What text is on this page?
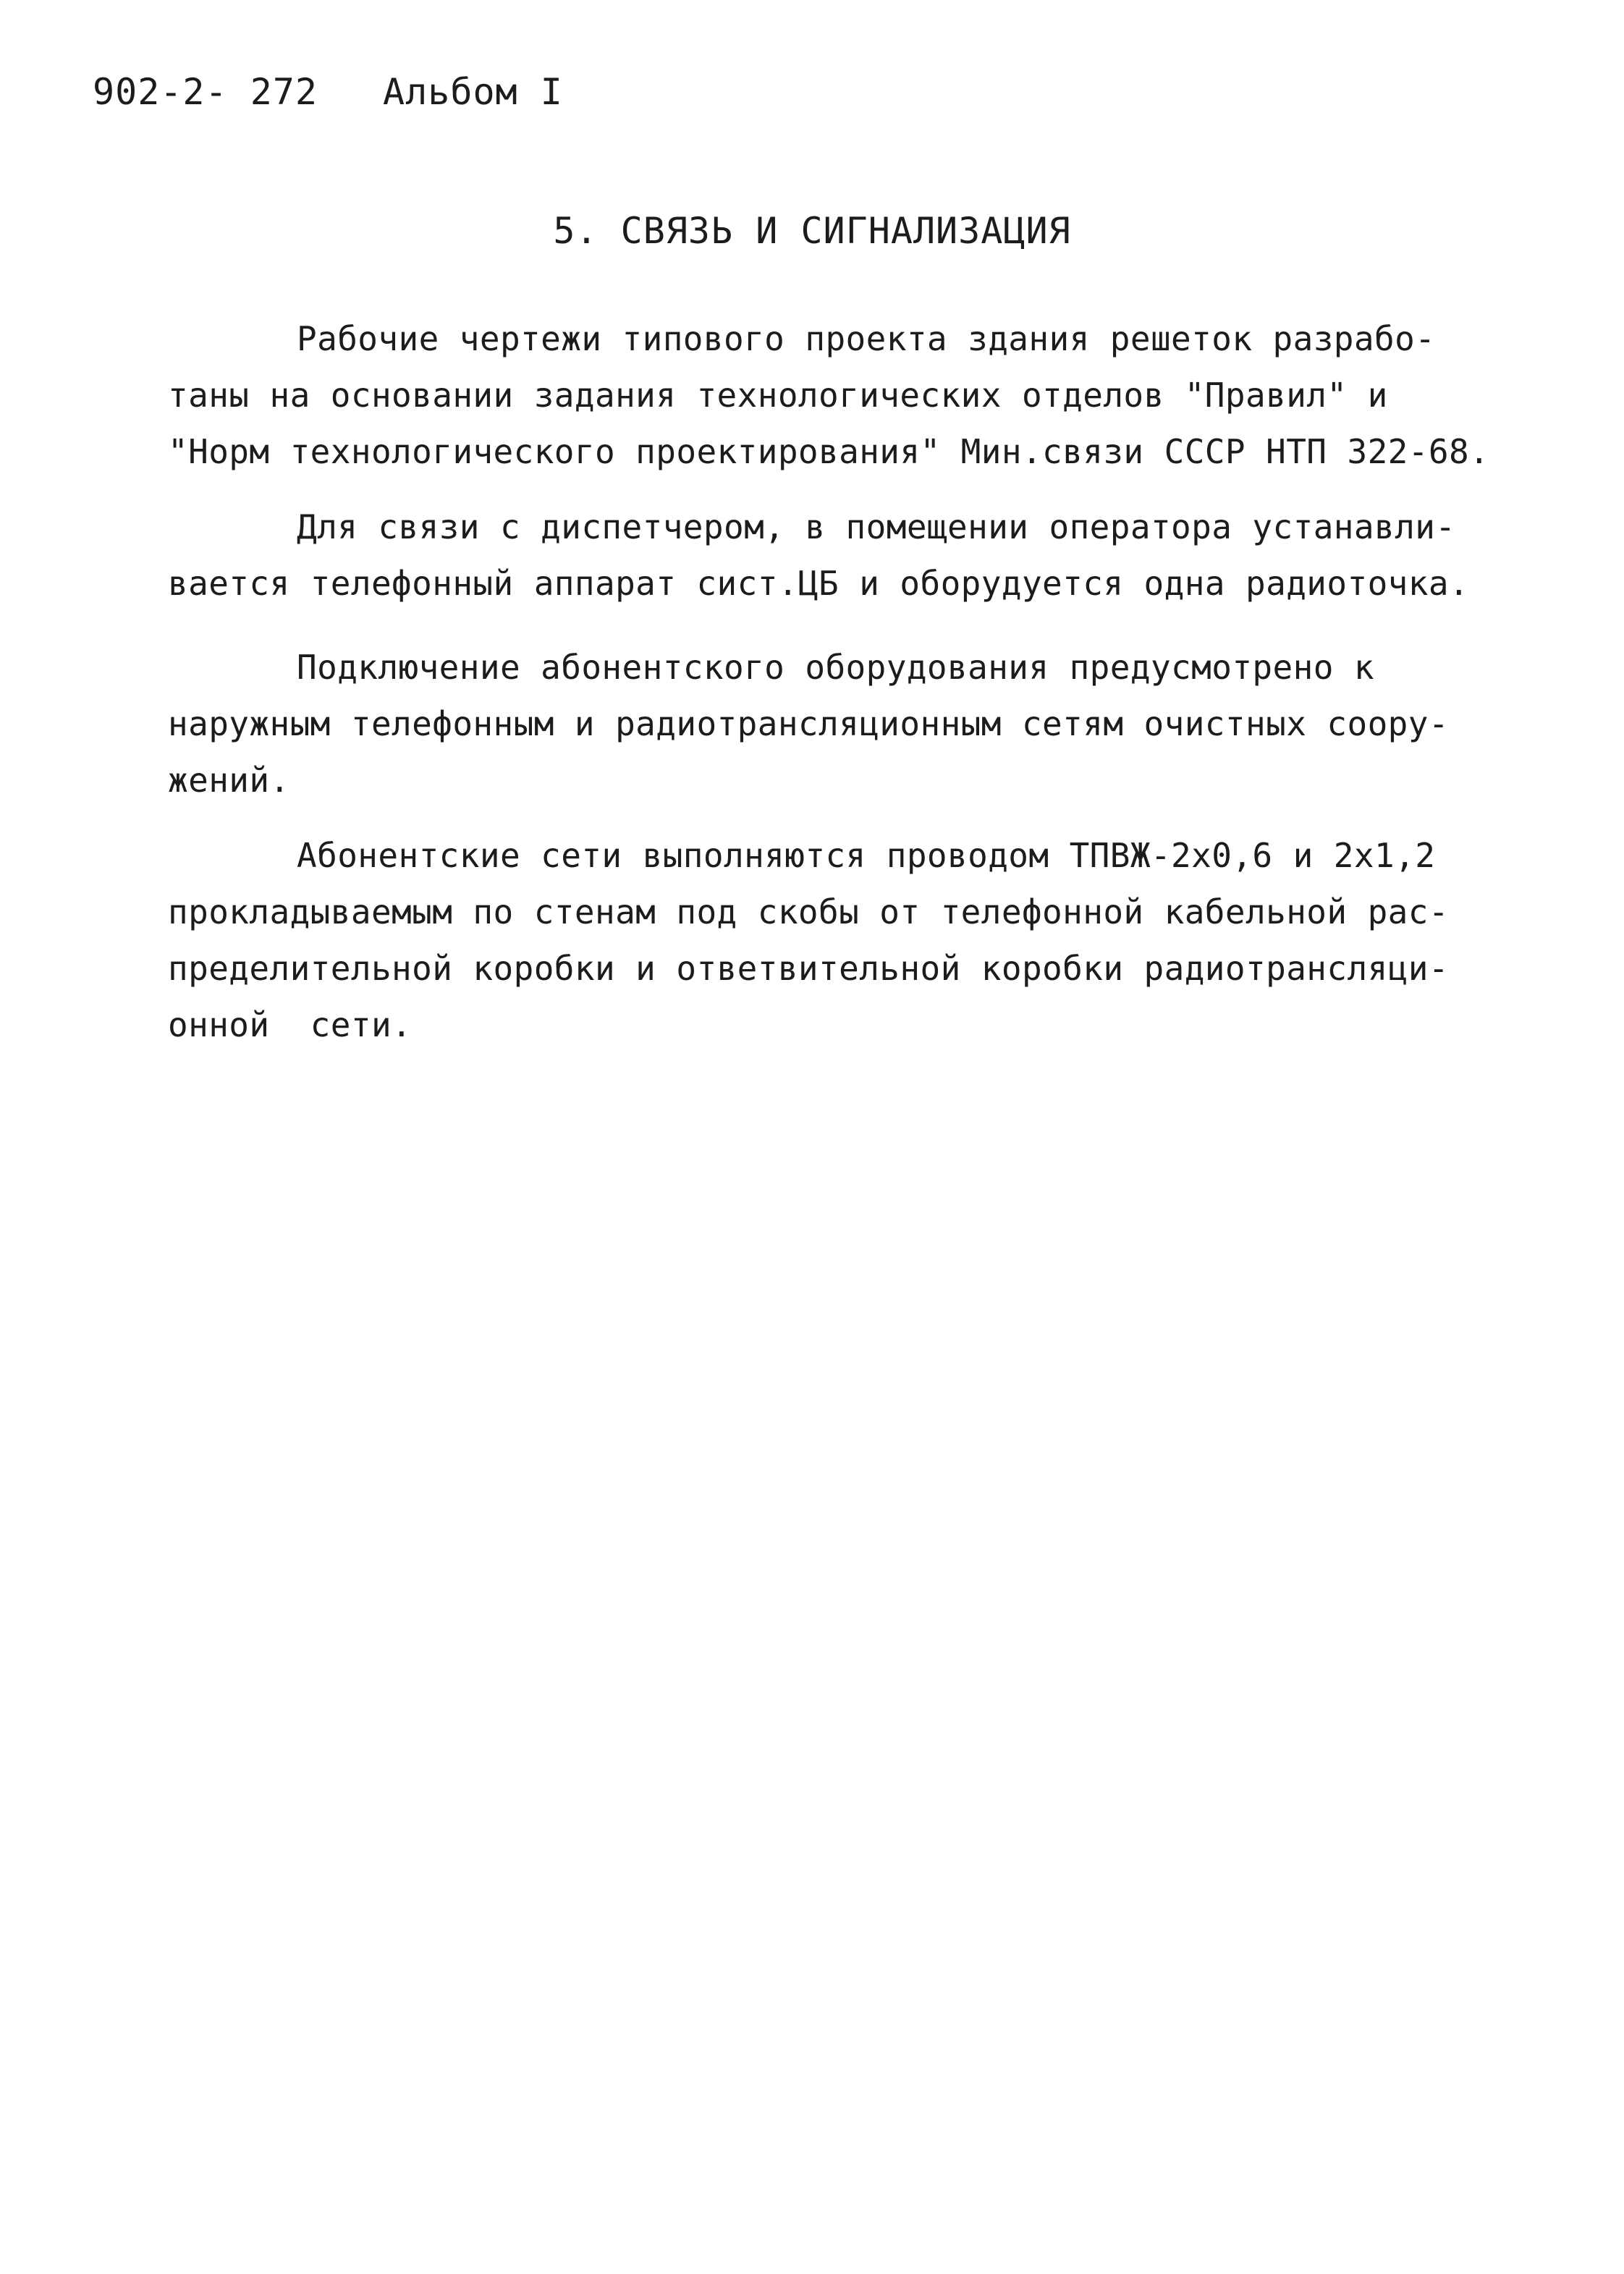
902-2- 272 Альбом I
5. СВЯЗЬ И СИГНАЛИЗАЦИЯ
Рабочие чертежи типового проекта здания решеток разрабо-
таны на основании задания технологических отделов "Правил" и
"Норм технологического проектирования" Мин.связи СССР НТП 322-68.
Для связи с диспетчером, в помещении оператора устанавли-
вается телефонный аппарат сист.ЦБ и оборудуется одна радиоточка.
Подключение абонентского оборудования предусмотрено к
наружным телефонным и радиотрансляционным сетям очистных соору-
жений.
Абонентские сети выполняются проводом ТПВЖ-2х0,6 и 2х1,2
прокладываемым по стенам под скобы от телефонной кабельной рас-
пределительной коробки и ответвительной коробки радиотрансляци-
онной  сети.
